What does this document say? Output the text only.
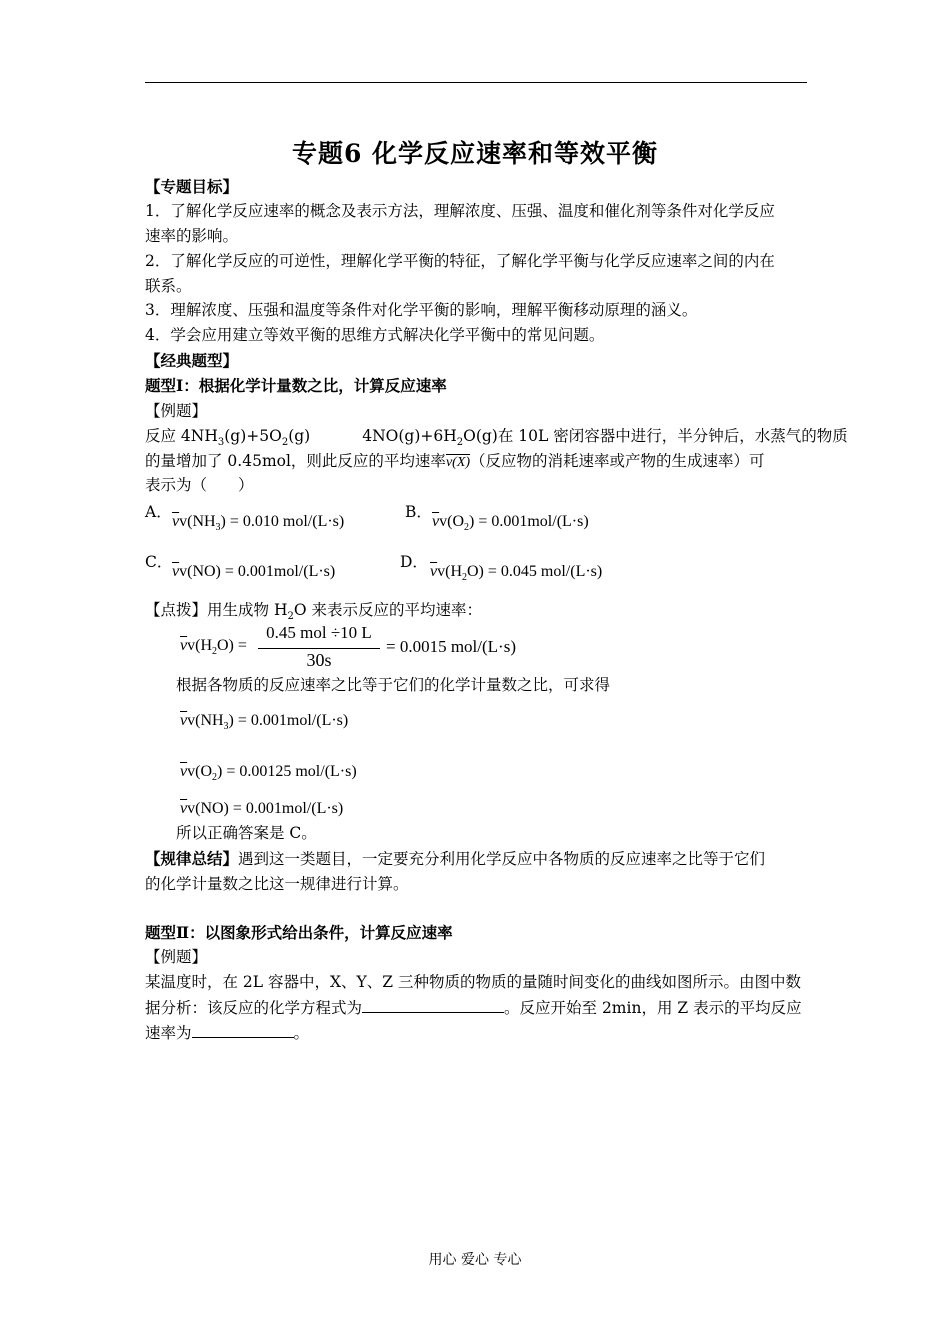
专题6 化学反应速率和等效平衡
【专题目标】
1．了解化学反应速率的概念及表示方法，理解浓度、压强、温度和催化剂等条件对化学反应
速率的影响。
2．了解化学反应的可逆性，理解化学平衡的特征，了解化学平衡与化学反应速率之间的内在
联系。
3．理解浓度、压强和温度等条件对化学平衡的影响，理解平衡移动原理的涵义。
4．学会应用建立等效平衡的思维方式解决化学平衡中的常见问题。
【经典题型】
题型Ⅰ：根据化学计量数之比，计算反应速率
【例题】
反应 $4NH_3(g)+5O_2(g)$	$4NO(g)+6H_2O(g)$在 10L 密闭容器中进行，半分钟后，水蒸气的物质
的量增加了 0.45mol，则此反应的平均速率v(X)（反应物的消耗速率或产物的生成速率）可
表示为（　　）
A．
$\overline{v}v(NH_3) = 0.010$ mol/(L·s)
B．
$\overline{v}v(O_2) = 0.001mol/(L\cdot s)$
C．
$\overline{v}v(NO) = 0.001mol/(L\cdot s)$
D．
$\overline{v}v(H_2O) = 0.045$ mol/(L·s)
【点拨】用生成物 $H_2O$ 来表示反应的平均速率：
$\overline{v}v(H_2O)$ =
0.45 mol ÷10 L
30s
= 0.0015 mol/(L·s)
根据各物质的反应速率之比等于它们的化学计量数之比，可求得
$\overline{v}v(NH_3) = 0.001mol/(L\cdot s)$
$\overline{v}v(O_2) = 0.00125$ mol/(L·s)
$\overline{v}v(NO) = 0.001mol/(L\cdot s)$
所以正确答案是 C。
【规律总结】遇到这一类题目，一定要充分利用化学反应中各物质的反应速率之比等于它们
的化学计量数之比这一规律进行计算。
题型Ⅱ：以图象形式给出条件，计算反应速率
【例题】
某温度时，在 2L 容器中，X、Y、Z 三种物质的物质的量随时间变化的曲线如图所示。由图中数
据分析：该反应的化学方程式为	。反应开始至 2min，用 Z 表示的平均反应
速率为	。
用心 爱心 专心
